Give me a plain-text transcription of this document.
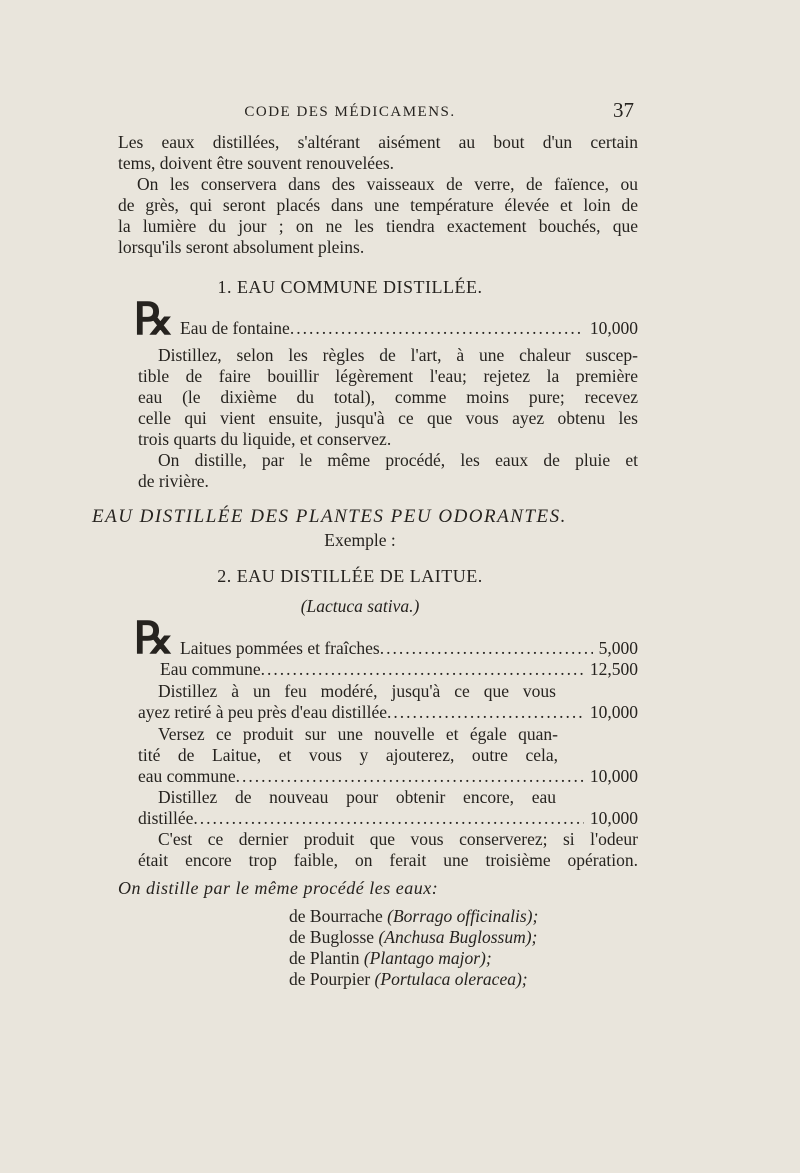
CODE DES MÉDICAMENS.	37
Les eaux distillées, s'altérant aisément au bout d'un certain
tems, doivent être souvent renouvelées.
On les conservera dans des vaisseaux de verre, de faïence, ou
de grès, qui seront placés dans une température élevée et loin de
la lumière du jour ; on ne les tiendra exactement bouchés, que
lorsqu'ils seront absolument pleins.
1. EAU COMMUNE DISTILLÉE.
℞ Eau de fontaine .....	10,000
Distillez, selon les règles de l'art, à une chaleur suscep-
tible de faire bouillir légèrement l'eau; rejetez la première
eau (le dixième du total), comme moins pure; recevez
celle qui vient ensuite, jusqu'à ce que vous ayez obtenu les
trois quarts du liquide, et conservez.
On distille, par le même procédé, les eaux de pluie et
de rivière.
EAU DISTILLÉE DES PLANTES PEU ODORANTES.
Exemple :
2. EAU DISTILLÉE DE LAITUE.
(Lactuca sativa.)
℞ Laitues pommées et fraîches .....	5,000
Eau commune .....	12,500
Distillez à un feu modéré, jusqu'à ce que vous
ayez retiré à peu près d'eau distillée .....	10,000
Versez ce produit sur une nouvelle et égale quan-
tité de Laitue, et vous y ajouterez, outre cela,
eau commune .....	10,000
Distillez de nouveau pour obtenir encore, eau
distillée .....	10,000
C'est ce dernier produit que vous conserverez; si l'odeur
était encore trop faible, on ferait une troisième opération.
On distille par le même procédé les eaux:
de Bourrache (Borrago officinalis);
de Buglosse (Anchusa Buglossum);
de Plantin (Plantago major);
de Pourpier (Portulaca oleracea);
